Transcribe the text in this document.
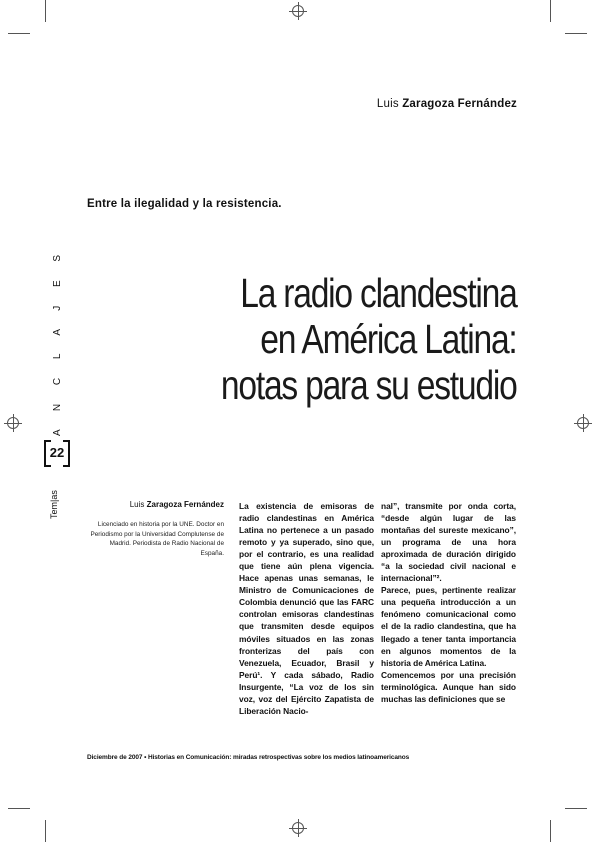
Luis Zaragoza Fernández
Entre la ilegalidad y la resistencia.
La radio clandestina
en América Latina:
notas para su estudio
A N C L A J E S
22
Tem|as	Luis Zaragoza Fernández
Licenciado en historia por la UNE. Doctor en Periodismo por la Universidad Complutense de Madrid. Periodista de Radio Nacional de España.

La existencia de emisoras de radio clandestinas en América Latina no pertenece a un pasado remoto y ya superado, sino que, por el contrario, es una realidad que tiene aún plena vigencia. Hace apenas unas semanas, le Ministro de Comunicaciones de Colombia denunció que las FARC controlan emisoras clandestinas que transmiten desde equipos móviles situados en las zonas fronterizas del país con Venezuela, Ecuador, Brasil y Perú¹. Y cada sábado, Radio Insurgente, “La voz de los sin voz, voz del Ejército Zapatista de Liberación Nacio-

nal”, transmite por onda corta, “desde algún lugar de las montañas del sureste mexicano”, un programa de una hora aproximada de duración dirigido “a la sociedad civil nacional e internacional”².

Parece, pues, pertinente realizar una pequeña introducción a un fenómeno comunicacional como el de la radio clandestina, que ha llegado a tener tanta importancia en algunos momentos de la historia de América Latina.

Comencemos por una precisión terminológica. Aunque han sido muchas las definiciones que se

Diciembre de 2007 • Historias en Comunicación: miradas retrospectivas sobre los medios latinoamericanos
